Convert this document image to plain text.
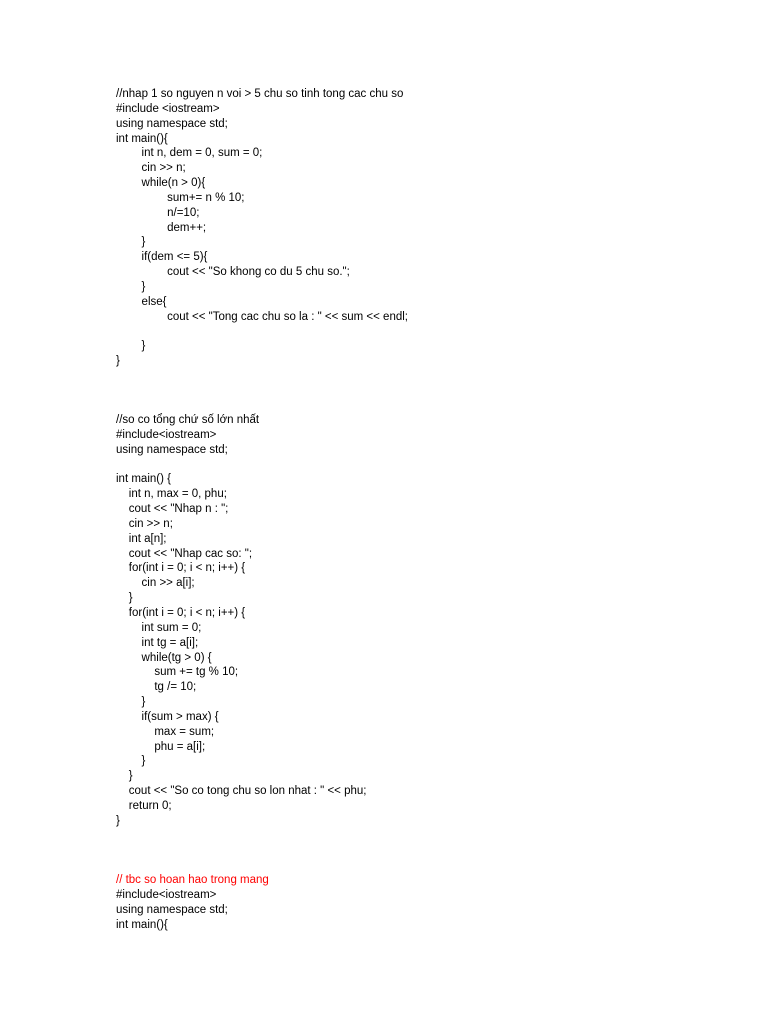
//nhap 1 so nguyen n voi > 5 chu so tinh tong cac chu so
#include <iostream>
using namespace std;
int main(){
int n, dem = 0, sum = 0;
cin >> n;
while(n > 0){
sum+= n % 10;
n/=10;
dem++;
}
if(dem <= 5){
cout << "So khong co du 5 chu so.";
}
else{
cout << "Tong cac chu so la : " << sum << endl;
}
}
//so co tổng chứ số lớn nhất
#include<iostream>
using namespace std;
int main() {
int n, max = 0, phu;
cout << "Nhap n : ";
cin >> n;
int a[n];
cout << "Nhap cac so: ";
for(int i = 0; i < n; i++) {
cin >> a[i];
}
for(int i = 0; i < n; i++) {
int sum = 0;
int tg = a[i];
while(tg > 0) {
sum += tg % 10;
tg /= 10;
}
if(sum > max) {
max = sum;
phu = a[i];
}
}
cout << "So co tong chu so lon nhat : " << phu;
return 0;
}
// tbc so hoan hao trong mang
#include<iostream>
using namespace std;
int main(){
